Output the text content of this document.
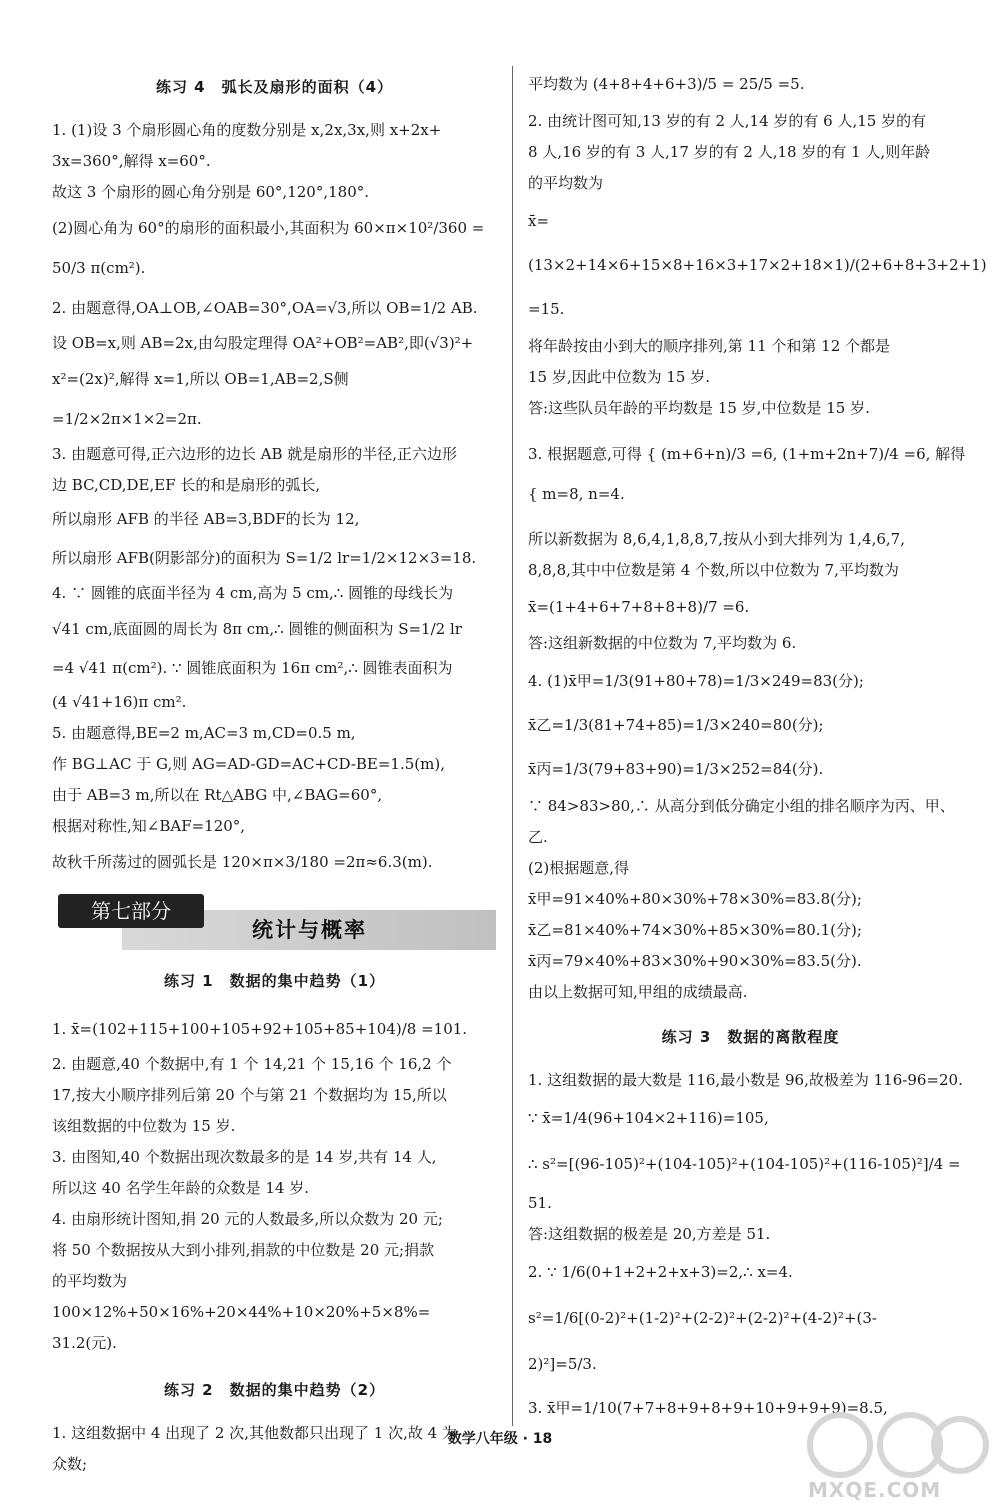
练习 4　弧长及扇形的面积（4）

1. (1)设 3 个扇形圆心角的度数分别是 x,2x,3x,则 x+2x+

3x=360°,解得 x=60°.

故这 3 个扇形的圆心角分别是 60°,120°,180°.

(2)圆心角为 60°的扇形的面积最小,其面积为 60×π×10²/360 =

50/3 π(cm²).

2. 由题意得,OA⊥OB,∠OAB=30°,OA=√3,所以 OB=1/2 AB.

设 OB=x,则 AB=2x,由勾股定理得 OA²+OB²=AB²,即(√3)²+

x²=(2x)²,解得 x=1,所以 OB=1,AB=2,S侧=1/2×2π×1×2=2π.

3. 由题意可得,正六边形的边长 AB 就是扇形的半径,正六边形

边 BC,CD,DE,EF 长的和是扇形的弧长,

所以扇形 AFB 的半径 AB=3,BDF的长为 12,

所以扇形 AFB(阴影部分)的面积为 S=1/2 lr=1/2×12×3=18.

4. ∵ 圆锥的底面半径为 4 cm,高为 5 cm,∴ 圆锥的母线长为

√41 cm,底面圆的周长为 8π cm,∴ 圆锥的侧面积为 S=1/2 lr

=4 √41 π(cm²). ∵ 圆锥底面积为 16π cm²,∴ 圆锥表面积为

(4 √41+16)π cm².

5. 由题意得,BE=2 m,AC=3 m,CD=0.5 m,

作 BG⊥AC 于 G,则 AG=AD-GD=AC+CD-BE=1.5(m),

由于 AB=3 m,所以在 Rt△ABG 中,∠BAG=60°,

根据对称性,知∠BAF=120°,

故秋千所荡过的圆弧长是 120×π×3/180 =2π≈6.3(m).

第七部分
统计与概率
练习 1　数据的集中趋势（1）

1. x̄=(102+115+100+105+92+105+85+104)/8 =101.

2. 由题意,40 个数据中,有 1 个 14,21 个 15,16 个 16,2 个

17,按大小顺序排列后第 20 个与第 21 个数据均为 15,所以

该组数据的中位数为 15 岁.

3. 由图知,40 个数据出现次数最多的是 14 岁,共有 14 人,

所以这 40 名学生年龄的众数是 14 岁.

4. 由扇形统计图知,捐 20 元的人数最多,所以众数为 20 元;

将 50 个数据按从大到小排列,捐款的中位数是 20 元;捐款

的平均数为 100×12%+50×16%+20×44%+10×20%+5×8%=

31.2(元).

练习 2　数据的集中趋势（2）

1. 这组数据中 4 出现了 2 次,其他数都只出现了 1 次,故 4 为

众数;

平均数为 (4+8+4+6+3)/5 = 25/5 =5.

2. 由统计图可知,13 岁的有 2 人,14 岁的有 6 人,15 岁的有

8 人,16 岁的有 3 人,17 岁的有 2 人,18 岁的有 1 人,则年龄

的平均数为

x̄=(13×2+14×6+15×8+16×3+17×2+18×1)/(2+6+8+3+2+1) =15.

将年龄按由小到大的顺序排列,第 11 个和第 12 个都是

15 岁,因此中位数为 15 岁.

答:这些队员年龄的平均数是 15 岁,中位数是 15 岁.

3. 根据题意,可得 { (m+6+n)/3 =6, (1+m+2n+7)/4 =6, 解得 { m=8, n=4.

所以新数据为 8,6,4,1,8,8,7,按从小到大排列为 1,4,6,7,

8,8,8,其中中位数是第 4 个数,所以中位数为 7,平均数为

x̄=(1+4+6+7+8+8+8)/7 =6.

答:这组新数据的中位数为 7,平均数为 6.

4. (1)x̄甲=1/3(91+80+78)=1/3×249=83(分);

x̄乙=1/3(81+74+85)=1/3×240=80(分);

x̄丙=1/3(79+83+90)=1/3×252=84(分).

∵ 84>83>80,∴ 从高分到低分确定小组的排名顺序为丙、甲、乙.

(2)根据题意,得

x̄甲=91×40%+80×30%+78×30%=83.8(分);

x̄乙=81×40%+74×30%+85×30%=80.1(分);

x̄丙=79×40%+83×30%+90×30%=83.5(分).

由以上数据可知,甲组的成绩最高.

练习 3　数据的离散程度

1. 这组数据的最大数是 116,最小数是 96,故极差为 116-96=20.

∵ x̄=1/4(96+104×2+116)=105,

∴ s²=[(96-105)²+(104-105)²+(104-105)²+(116-105)²]/4 =

51.

答:这组数据的极差是 20,方差是 51.

2. ∵ 1/6(0+1+2+2+x+3)=2,∴ x=4.

s²=1/6[(0-2)²+(1-2)²+(2-2)²+(2-2)²+(4-2)²+(3-

2)²]=5/3.

3. x̄甲=1/10(7+7+8+9+8+9+10+9+9+9)=8.5,

数学八年级 · 18
MXQE.COM
